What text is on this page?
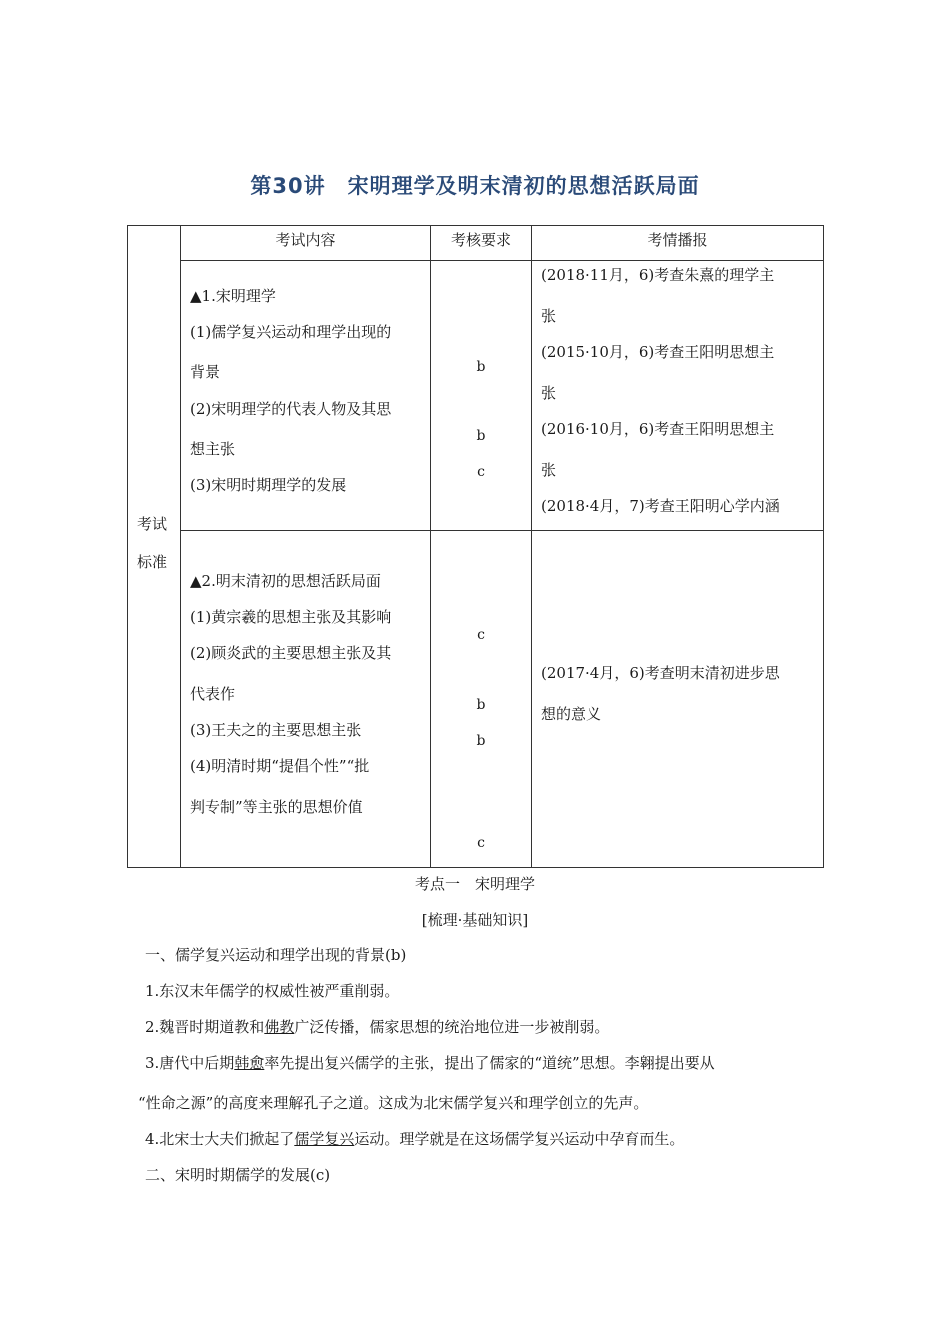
第30讲　宋明理学及明末清初的思想活跃局面
考试
标准
考试内容	考核要求	考情播报
▲1.宋明理学
(1)儒学复兴运动和理学出现的
背景
(2)宋明理学的代表人物及其思
想主张
(3)宋明时期理学的发展
b
b
c
(2018·11月，6)考查朱熹的理学主
张
(2015·10月，6)考查王阳明思想主
张
(2016·10月，6)考查王阳明思想主
张
(2018·4月，7)考查王阳明心学内涵
▲2.明末清初的思想活跃局面
(1)黄宗羲的思想主张及其影响
(2)顾炎武的主要思想主张及其
代表作
(3)王夫之的主要思想主张
(4)明清时期“提倡个性”“批
判专制”等主张的思想价值
c
b
b
c
(2017·4月，6)考查明末清初进步思
想的意义
考点一　宋明理学
[梳理·基础知识]
一、儒学复兴运动和理学出现的背景(b)
1.东汉末年儒学的权威性被严重削弱。
2.魏晋时期道教和佛教广泛传播，儒家思想的统治地位进一步被削弱。
3.唐代中后期韩愈率先提出复兴儒学的主张，提出了儒家的“道统”思想。李翱提出要从
“性命之源”的高度来理解孔子之道。这成为北宋儒学复兴和理学创立的先声。
4.北宋士大夫们掀起了儒学复兴运动。理学就是在这场儒学复兴运动中孕育而生。
二、宋明时期儒学的发展(c)
